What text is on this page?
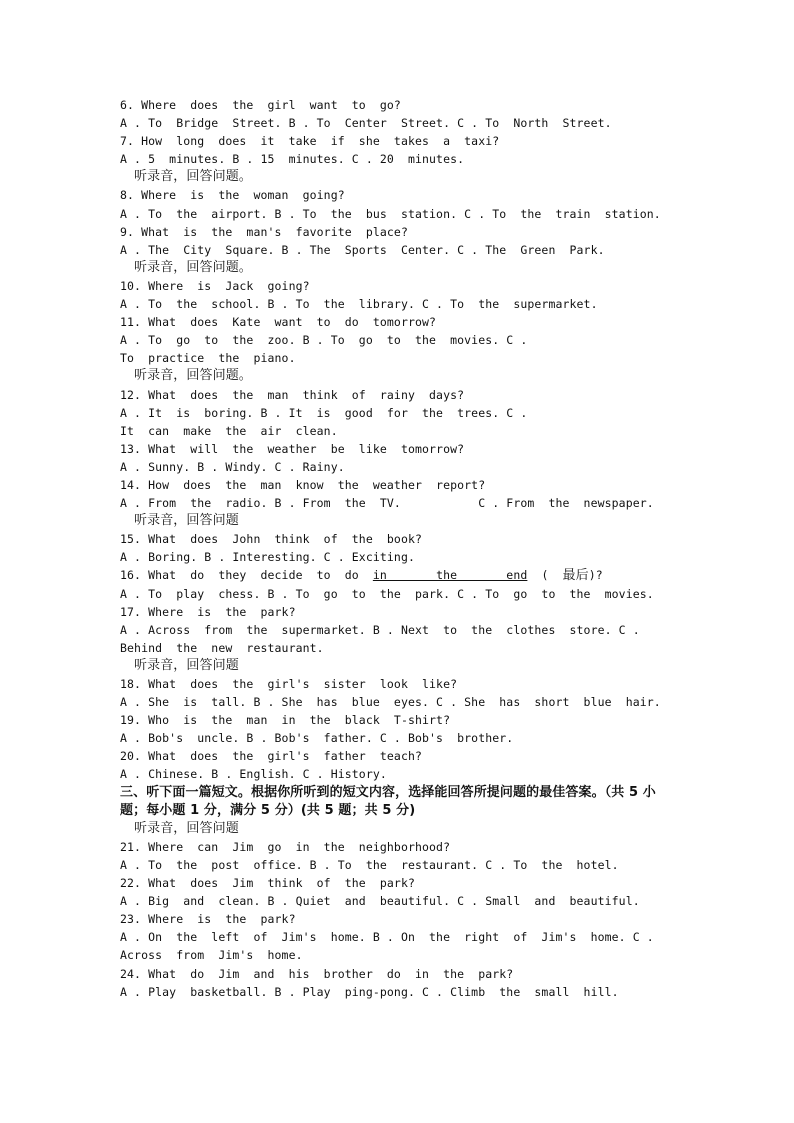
6. Where  does  the  girl  want  to  go?
A . To  Bridge  Street. B . To  Center  Street. C . To  North  Street.
7. How  long  does  it  take  if  she  takes  a  taxi?
A . 5  minutes. B . 15  minutes. C . 20  minutes.
听录音，回答问题。
8. Where  is  the  woman  going?
A . To  the  airport. B . To  the  bus  station. C . To  the  train  station.
9. What  is  the  man's  favorite  place?
A . The  City  Square. B . The  Sports  Center. C . The  Green  Park.
听录音，回答问题。
10. Where  is  Jack  going?
A . To  the  school. B . To  the  library. C . To  the  supermarket.
11. What  does  Kate  want  to  do  tomorrow?
A . To  go  to  the  zoo. B . To  go  to  the  movies. C .
To  practice  the  piano.
听录音，回答问题。
12. What  does  the  man  think  of  rainy  days?
A . It  is  boring. B . It  is  good  for  the  trees. C .
It  can  make  the  air  clean.
13. What  will  the  weather  be  like  tomorrow?
A . Sunny. B . Windy. C . Rainy.
14. How  does  the  man  know  the  weather  report?
A . From  the  radio. B . From  the  TV.           C . From  the  newspaper.
听录音，回答问题
15. What  does  John  think  of  the  book?
A . Boring. B . Interesting. C . Exciting.
16. What  do  they  decide  to  do  in       the       end  (  最后)?
A . To  play  chess. B . To  go  to  the  park. C . To  go  to  the  movies.
17. Where  is  the  park?
A . Across  from  the  supermarket. B . Next  to  the  clothes  store. C .
Behind  the  new  restaurant.
听录音，回答问题
18. What  does  the  girl's  sister  look  like?
A . She  is  tall. B . She  has  blue  eyes. C . She  has  short  blue  hair.
19. Who  is  the  man  in  the  black  T-shirt?
A . Bob's  uncle. B . Bob's  father. C . Bob's  brother.
20. What  does  the  girl's  father  teach?
A . Chinese. B . English. C . History.
三、听下面一篇短文。根据你所听到的短文内容，选择能回答所提问题的最佳答案。（共 5 小题；每小题 1 分，满分 5 分）(共 5 题；共 5 分)
听录音，回答问题
21. Where  can  Jim  go  in  the  neighborhood?
A . To  the  post  office. B . To  the  restaurant. C . To  the  hotel.
22. What  does  Jim  think  of  the  park?
A . Big  and  clean. B . Quiet  and  beautiful. C . Small  and  beautiful.
23. Where  is  the  park?
A . On  the  left  of  Jim's  home. B . On  the  right  of  Jim's  home. C .
Across  from  Jim's  home.
24. What  do  Jim  and  his  brother  do  in  the  park?
A . Play  basketball. B . Play  ping-pong. C . Climb  the  small  hill.
